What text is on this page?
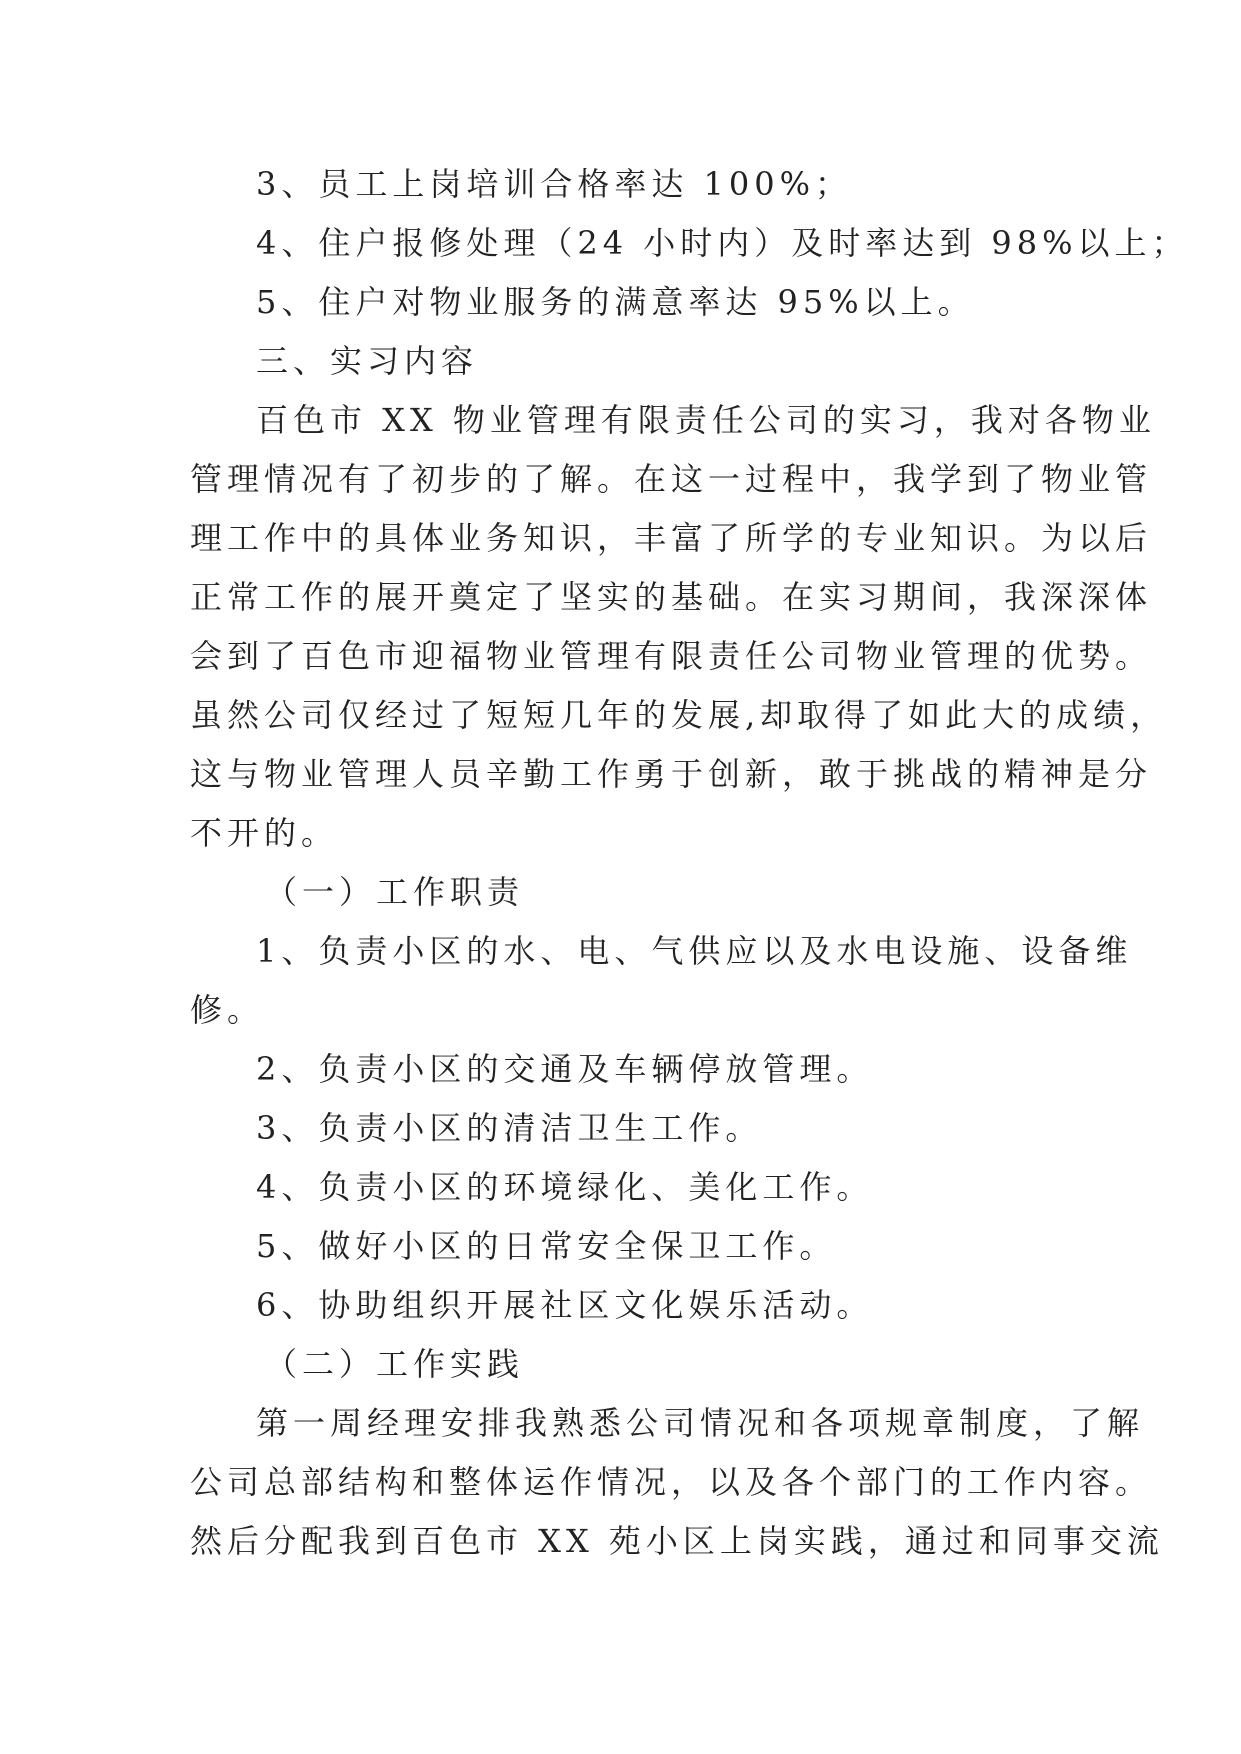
3、员工上岗培训合格率达 100%；
4、住户报修处理（24 小时内）及时率达到 98%以上；
5、住户对物业服务的满意率达 95%以上。
三、实习内容
百色市 XX 物业管理有限责任公司的实习，我对各物业
管理情况有了初步的了解。在这一过程中，我学到了物业管
理工作中的具体业务知识，丰富了所学的专业知识。为以后
正常工作的展开奠定了坚实的基础。在实习期间，我深深体
会到了百色市迎福物业管理有限责任公司物业管理的优势。
虽然公司仅经过了短短几年的发展,却取得了如此大的成绩，
这与物业管理人员辛勤工作勇于创新，敢于挑战的精神是分
不开的。
（一）工作职责
1、负责小区的水、电、气供应以及水电设施、设备维
修。
2、负责小区的交通及车辆停放管理。
3、负责小区的清洁卫生工作。
4、负责小区的环境绿化、美化工作。
5、做好小区的日常安全保卫工作。
6、协助组织开展社区文化娱乐活动。
（二）工作实践
第一周经理安排我熟悉公司情况和各项规章制度，了解
公司总部结构和整体运作情况，以及各个部门的工作内容。
然后分配我到百色市 XX 苑小区上岗实践，通过和同事交流
